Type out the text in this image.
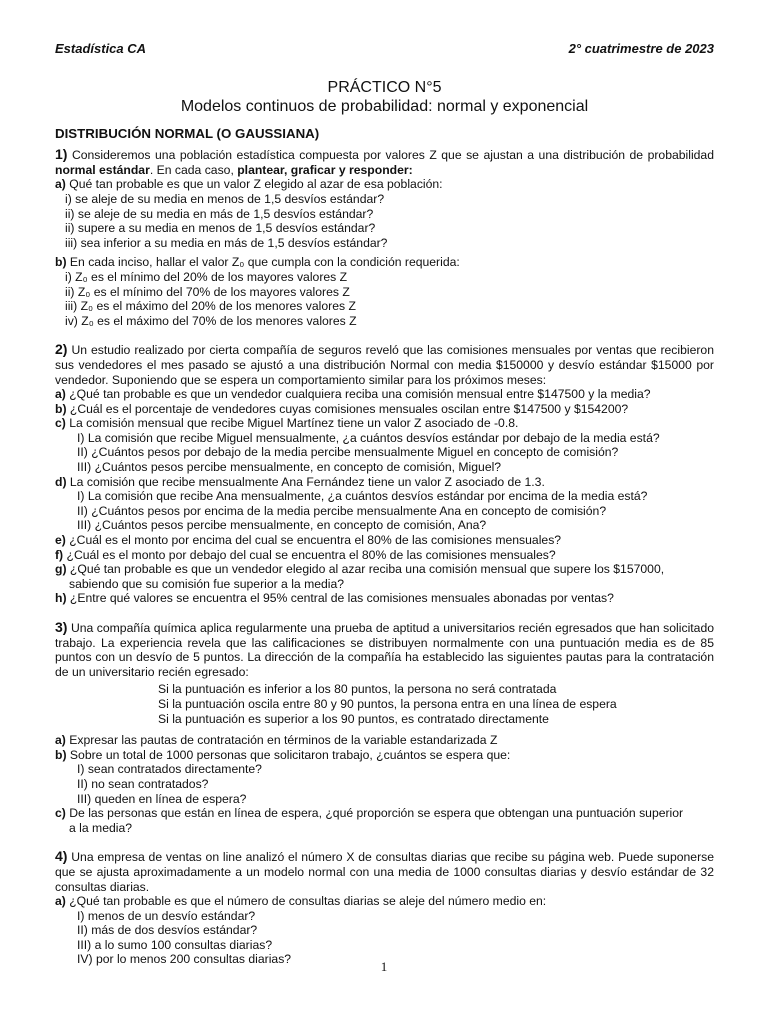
Estadística CA	2° cuatrimestre de 2023
PRÁCTICO N°5
Modelos continuos de probabilidad: normal y exponencial
DISTRIBUCIÓN NORMAL (O GAUSSIANA)
1) Consideremos una población estadística compuesta por valores Z que se ajustan a una distribución de probabilidad normal estándar. En cada caso, plantear, graficar y responder:
a) Qué tan probable es que un valor Z elegido al azar de esa población:
i) se aleje de su media en menos de 1,5 desvíos estándar?
ii) se aleje de su media en más de 1,5 desvíos estándar?
ii) supere a su media en menos de 1,5 desvíos estándar?
iii) sea inferior a su media en más de 1,5 desvíos estándar?
b) En cada inciso, hallar el valor Z₀ que cumpla con la condición requerida:
i) Z₀ es el mínimo del 20% de los mayores valores Z
ii) Z₀ es el mínimo del 70% de los mayores valores Z
iii) Z₀ es el máximo del 20% de los menores valores Z
iv) Z₀ es el máximo del 70% de los menores valores Z
2) Un estudio realizado por cierta compañía de seguros reveló que las comisiones mensuales por ventas que recibieron sus vendedores el mes pasado se ajustó a una distribución Normal con media $150000 y desvío estándar $15000 por vendedor. Suponiendo que se espera un comportamiento similar para los próximos meses:
a) ¿Qué tan probable es que un vendedor cualquiera reciba una comisión mensual entre $147500 y la media?
b) ¿Cuál es el porcentaje de vendedores cuyas comisiones mensuales oscilan entre $147500 y $154200?
c) La comisión mensual que recibe Miguel Martínez tiene un valor Z asociado de -0.8.
I) La comisión que recibe Miguel mensualmente, ¿a cuántos desvíos estándar por debajo de la media está?
II) ¿Cuántos pesos por debajo de la media percibe mensualmente Miguel en concepto de comisión?
III) ¿Cuántos pesos percibe mensualmente, en concepto de comisión, Miguel?
d) La comisión que recibe mensualmente Ana Fernández tiene un valor Z asociado de 1.3.
I) La comisión que recibe Ana mensualmente, ¿a cuántos desvíos estándar por encima de la media está?
II) ¿Cuántos pesos por encima de la media percibe mensualmente Ana en concepto de comisión?
III) ¿Cuántos pesos percibe mensualmente, en concepto de comisión, Ana?
e) ¿Cuál es el monto por encima del cual se encuentra el 80% de las comisiones mensuales?
f) ¿Cuál es el monto por debajo del cual se encuentra el 80% de las comisiones mensuales?
g) ¿Qué tan probable es que un vendedor elegido al azar reciba una comisión mensual que supere los $157000,
sabiendo que su comisión fue superior a la media?
h) ¿Entre qué valores se encuentra el 95% central de las comisiones mensuales abonadas por ventas?
3) Una compañía química aplica regularmente una prueba de aptitud a universitarios recién egresados que han solicitado trabajo. La experiencia revela que las calificaciones se distribuyen normalmente con una puntuación media es de 85 puntos con un desvío de 5 puntos. La dirección de la compañía ha establecido las siguientes pautas para la contratación de un universitario recién egresado:
Si la puntuación es inferior a los 80 puntos, la persona no será contratada
Si la puntuación oscila entre 80 y 90 puntos, la persona entra en una línea de espera
Si la puntuación es superior a los 90 puntos, es contratado directamente
a) Expresar las pautas de contratación en términos de la variable estandarizada Z
b) Sobre un total de 1000 personas que solicitaron trabajo, ¿cuántos se espera que:
I) sean contratados directamente?
II) no sean contratados?
III) queden en línea de espera?
c) De las personas que están en línea de espera, ¿qué proporción se espera que obtengan una puntuación superior
a la media?
4) Una empresa de ventas on line analizó el número X de consultas diarias que recibe su página web. Puede suponerse que se ajusta aproximadamente a un modelo normal con una media de 1000 consultas diarias y desvío estándar de 32 consultas diarias.
a) ¿Qué tan probable es que el número de consultas diarias se aleje del número medio en:
I) menos de un desvío estándar?
II) más de dos desvíos estándar?
III) a lo sumo 100 consultas diarias?
IV) por lo menos 200 consultas diarias?	1
